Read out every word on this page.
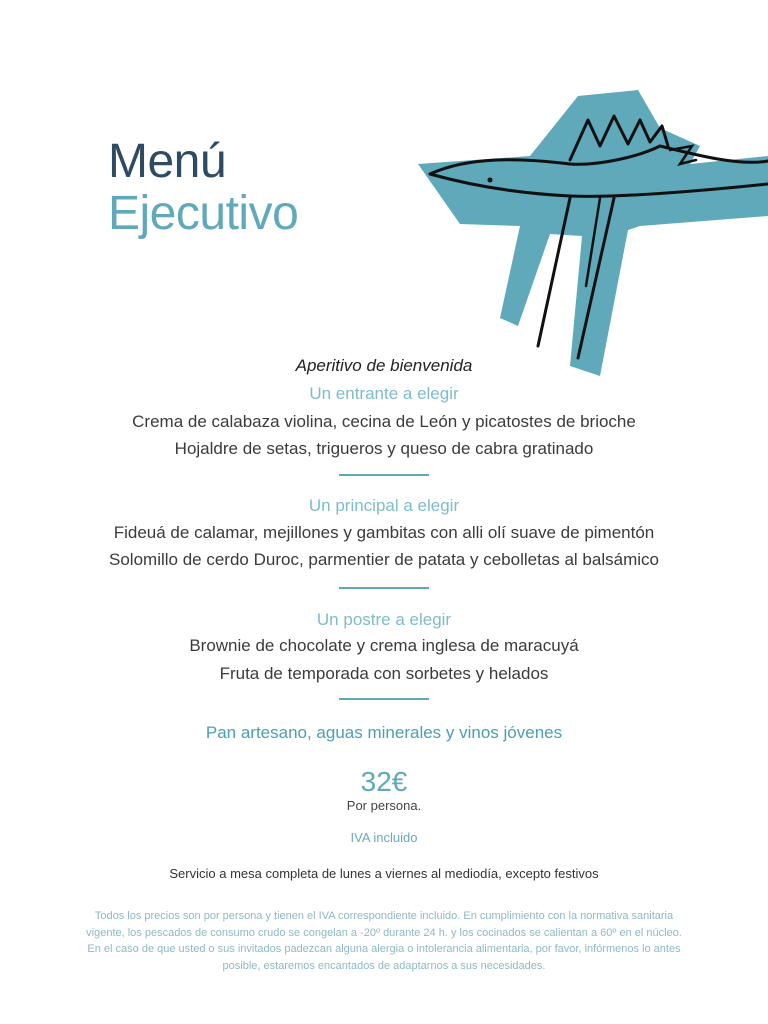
Menú
Ejecutivo
Aperitivo de bienvenida
Un entrante a elegir
Crema de calabaza violina, cecina de León y picatostes de brioche
Hojaldre de setas, trigueros y queso de cabra gratinado
Un principal a elegir
Fideuá de calamar, mejillones y gambitas con alli olí suave de pimentón
Solomillo de cerdo Duroc, parmentier de patata y cebolletas al balsámico
Un postre a elegir
Brownie de chocolate y crema inglesa de maracuyá
Fruta de temporada con sorbetes y helados
Pan artesano, aguas minerales y vinos jóvenes
32€
Por persona.
IVA incluido
Servicio a mesa completa de lunes a viernes al mediodía, excepto festivos
Todos los precios son por persona y tienen el IVA correspondiente incluido. En cumplimiento con la normativa sanitaria
vigente, los pescados de consumo crudo se congelan a -20º durante 24 h. y los cocinados se calientan a 60º en el núcleo.
En el caso de que usted o sus invitados padezcan alguna alergia o intolerancia alimentaria, por favor, infórmenos lo antes
posible, estaremos encantados de adaptarnos a sus necesidades.
